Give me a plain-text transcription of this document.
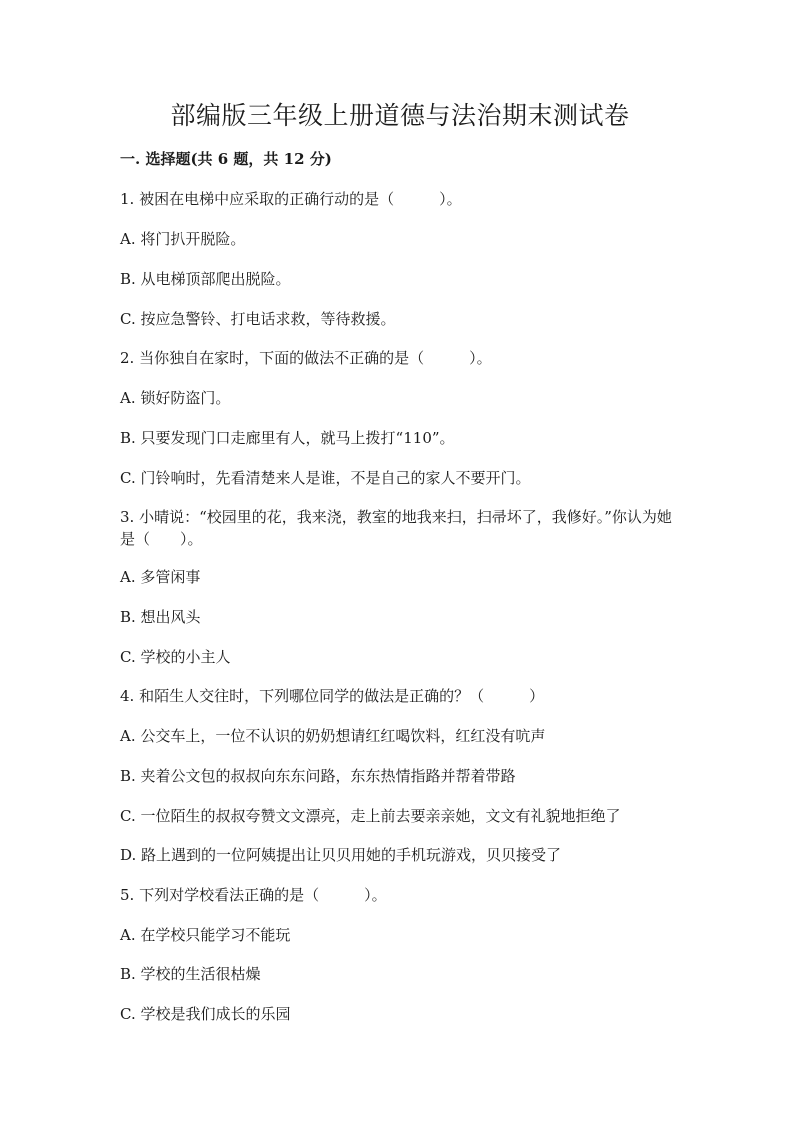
部编版三年级上册道德与法治期末测试卷

一. 选择题(共 6 题，共 12 分)

1. 被困在电梯中应采取的正确行动的是（　　　）。

A. 将门扒开脱险。

B. 从电梯顶部爬出脱险。

C. 按应急警铃、打电话求救，等待救援。

2. 当你独自在家时，下面的做法不正确的是（　　　）。

A. 锁好防盗门。

B. 只要发现门口走廊里有人，就马上拨打“110”。

C. 门铃响时，先看清楚来人是谁，不是自己的家人不要开门。

3. 小晴说：“校园里的花，我来浇，教室的地我来扫，扫帚坏了，我修好。”你认为她是（　　）。

A. 多管闲事

B. 想出风头

C. 学校的小主人

4. 和陌生人交往时，下列哪位同学的做法是正确的？（　　　）

A. 公交车上，一位不认识的奶奶想请红红喝饮料，红红没有吭声

B. 夹着公文包的叔叔向东东问路，东东热情指路并帮着带路

C. 一位陌生的叔叔夸赞文文漂亮，走上前去要亲亲她，文文有礼貌地拒绝了

D. 路上遇到的一位阿姨提出让贝贝用她的手机玩游戏，贝贝接受了

5. 下列对学校看法正确的是（　　　）。

A. 在学校只能学习不能玩

B. 学校的生活很枯燥

C. 学校是我们成长的乐园
